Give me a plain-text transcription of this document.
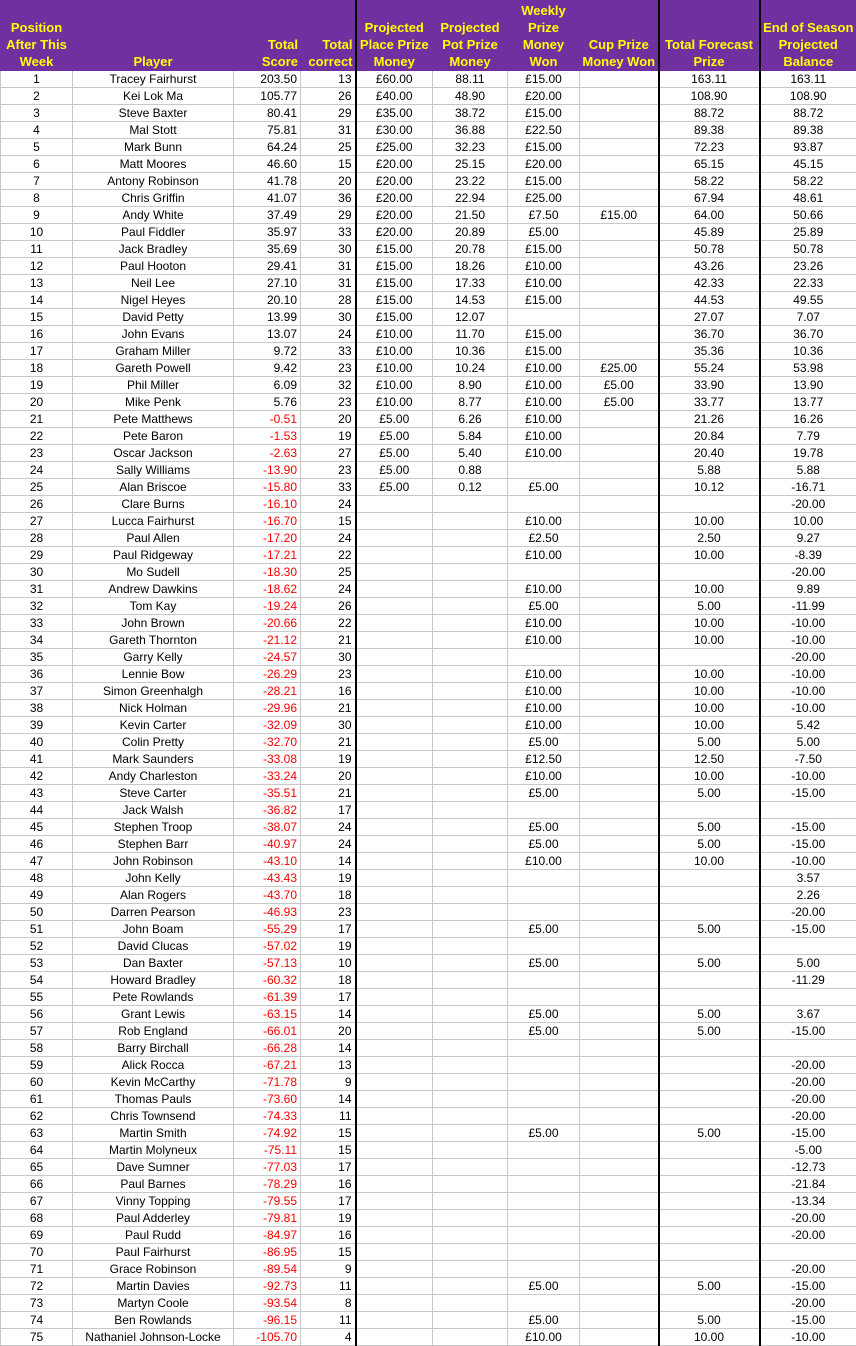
Position After This Week	Player	Total Score	Total correct	Projected Place Prize Money	Projected Pot Prize Money	Weekly Prize Money Won	Cup Prize Money Won	Total Forecast Prize	End of Season Projected Balance
1	Tracey Fairhurst	203.50	13	£60.00	88.11	£15.00		163.11	163.11
2	Kei Lok Ma	105.77	26	£40.00	48.90	£20.00		108.90	108.90
3	Steve Baxter	80.41	29	£35.00	38.72	£15.00		88.72	88.72
4	Mal Stott	75.81	31	£30.00	36.88	£22.50		89.38	89.38
5	Mark Bunn	64.24	25	£25.00	32.23	£15.00		72.23	93.87
6	Matt Moores	46.60	15	£20.00	25.15	£20.00		65.15	45.15
7	Antony Robinson	41.78	20	£20.00	23.22	£15.00		58.22	58.22
8	Chris Griffin	41.07	36	£20.00	22.94	£25.00		67.94	48.61
9	Andy White	37.49	29	£20.00	21.50	£7.50	£15.00	64.00	50.66
10	Paul Fiddler	35.97	33	£20.00	20.89	£5.00		45.89	25.89
11	Jack Bradley	35.69	30	£15.00	20.78	£15.00		50.78	50.78
12	Paul Hooton	29.41	31	£15.00	18.26	£10.00		43.26	23.26
13	Neil Lee	27.10	31	£15.00	17.33	£10.00		42.33	22.33
14	Nigel Heyes	20.10	28	£15.00	14.53	£15.00		44.53	49.55
15	David Petty	13.99	30	£15.00	12.07			27.07	7.07
16	John Evans	13.07	24	£10.00	11.70	£15.00		36.70	36.70
17	Graham Miller	9.72	33	£10.00	10.36	£15.00		35.36	10.36
18	Gareth Powell	9.42	23	£10.00	10.24	£10.00	£25.00	55.24	53.98
19	Phil Miller	6.09	32	£10.00	8.90	£10.00	£5.00	33.90	13.90
20	Mike Penk	5.76	23	£10.00	8.77	£10.00	£5.00	33.77	13.77
21	Pete Matthews	-0.51	20	£5.00	6.26	£10.00		21.26	16.26
22	Pete Baron	-1.53	19	£5.00	5.84	£10.00		20.84	7.79
23	Oscar Jackson	-2.63	27	£5.00	5.40	£10.00		20.40	19.78
24	Sally Williams	-13.90	23	£5.00	0.88			5.88	5.88
25	Alan Briscoe	-15.80	33	£5.00	0.12	£5.00		10.12	-16.71
26	Clare Burns	-16.10	24						-20.00
27	Lucca Fairhurst	-16.70	15			£10.00		10.00	10.00
28	Paul Allen	-17.20	24			£2.50		2.50	9.27
29	Paul Ridgeway	-17.21	22			£10.00		10.00	-8.39
30	Mo Sudell	-18.30	25						-20.00
31	Andrew Dawkins	-18.62	24			£10.00		10.00	9.89
32	Tom Kay	-19.24	26			£5.00		5.00	-11.99
33	John Brown	-20.66	22			£10.00		10.00	-10.00
34	Gareth Thornton	-21.12	21			£10.00		10.00	-10.00
35	Garry Kelly	-24.57	30						-20.00
36	Lennie Bow	-26.29	23			£10.00		10.00	-10.00
37	Simon Greenhalgh	-28.21	16			£10.00		10.00	-10.00
38	Nick Holman	-29.96	21			£10.00		10.00	-10.00
39	Kevin Carter	-32.09	30			£10.00		10.00	5.42
40	Colin Pretty	-32.70	21			£5.00		5.00	5.00
41	Mark Saunders	-33.08	19			£12.50		12.50	-7.50
42	Andy Charleston	-33.24	20			£10.00		10.00	-10.00
43	Steve Carter	-35.51	21			£5.00		5.00	-15.00
44	Jack Walsh	-36.82	17						
45	Stephen Troop	-38.07	24			£5.00		5.00	-15.00
46	Stephen Barr	-40.97	24			£5.00		5.00	-15.00
47	John Robinson	-43.10	14			£10.00		10.00	-10.00
48	John Kelly	-43.43	19						3.57
49	Alan Rogers	-43.70	18						2.26
50	Darren Pearson	-46.93	23						-20.00
51	John Boam	-55.29	17			£5.00		5.00	-15.00
52	David Clucas	-57.02	19						
53	Dan Baxter	-57.13	10			£5.00		5.00	5.00
54	Howard Bradley	-60.32	18						-11.29
55	Pete Rowlands	-61.39	17						
56	Grant Lewis	-63.15	14			£5.00		5.00	3.67
57	Rob England	-66.01	20			£5.00		5.00	-15.00
58	Barry Birchall	-66.28	14						
59	Alick Rocca	-67.21	13						-20.00
60	Kevin McCarthy	-71.78	9						-20.00
61	Thomas Pauls	-73.60	14						-20.00
62	Chris Townsend	-74.33	11						-20.00
63	Martin Smith	-74.92	15			£5.00		5.00	-15.00
64	Martin Molyneux	-75.11	15						-5.00
65	Dave Sumner	-77.03	17						-12.73
66	Paul Barnes	-78.29	16						-21.84
67	Vinny Topping	-79.55	17						-13.34
68	Paul Adderley	-79.81	19						-20.00
69	Paul Rudd	-84.97	16						-20.00
70	Paul Fairhurst	-86.95	15						
71	Grace Robinson	-89.54	9						-20.00
72	Martin Davies	-92.73	11			£5.00		5.00	-15.00
73	Martyn Coole	-93.54	8						-20.00
74	Ben Rowlands	-96.15	11			£5.00		5.00	-15.00
75	Nathaniel Johnson-Locke	-105.70	4			£10.00		10.00	-10.00
